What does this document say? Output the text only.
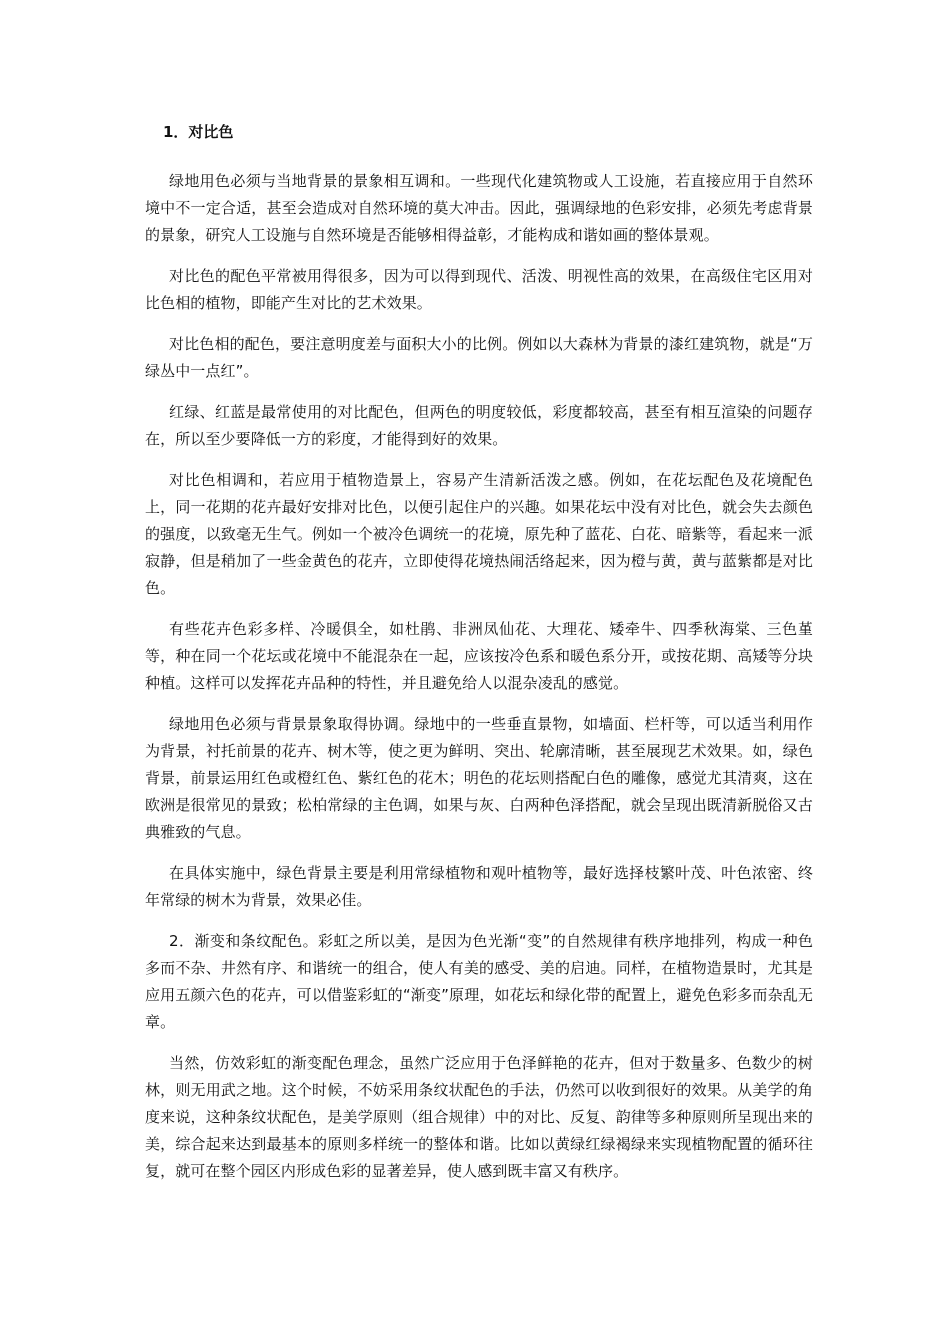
1．对比色

绿地用色必须与当地背景的景象相互调和。一些现代化建筑物或人工设施，若直接应用于自然环境中不一定合适，甚至会造成对自然环境的莫大冲击。因此，强调绿地的色彩安排，必须先考虑背景的景象，研究人工设施与自然环境是否能够相得益彰，才能构成和谐如画的整体景观。

对比色的配色平常被用得很多，因为可以得到现代、活泼、明视性高的效果，在高级住宅区用对比色相的植物，即能产生对比的艺术效果。

对比色相的配色，要注意明度差与面积大小的比例。例如以大森林为背景的漆红建筑物，就是“万绿丛中一点红”。

红绿、红蓝是最常使用的对比配色，但两色的明度较低，彩度都较高，甚至有相互渲染的问题存在，所以至少要降低一方的彩度，才能得到好的效果。

对比色相调和，若应用于植物造景上，容易产生清新活泼之感。例如，在花坛配色及花境配色上，同一花期的花卉最好安排对比色，以便引起住户的兴趣。如果花坛中没有对比色，就会失去颜色的强度，以致毫无生气。例如一个被冷色调统一的花境，原先种了蓝花、白花、暗紫等，看起来一派寂静，但是稍加了一些金黄色的花卉，立即使得花境热闹活络起来，因为橙与黄，黄与蓝紫都是对比色。

有些花卉色彩多样、冷暖俱全，如杜鹃、非洲凤仙花、大理花、矮牵牛、四季秋海棠、三色堇等，种在同一个花坛或花境中不能混杂在一起，应该按冷色系和暖色系分开，或按花期、高矮等分块种植。这样可以发挥花卉品种的特性，并且避免给人以混杂凌乱的感觉。

绿地用色必须与背景景象取得协调。绿地中的一些垂直景物，如墙面、栏杆等，可以适当利用作为背景，衬托前景的花卉、树木等，使之更为鲜明、突出、轮廓清晰，甚至展现艺术效果。如，绿色背景，前景运用红色或橙红色、紫红色的花木；明色的花坛则搭配白色的雕像，感觉尤其清爽，这在欧洲是很常见的景致；松柏常绿的主色调，如果与灰、白两种色泽搭配，就会呈现出既清新脱俗又古典雅致的气息。

在具体实施中，绿色背景主要是利用常绿植物和观叶植物等，最好选择枝繁叶茂、叶色浓密、终年常绿的树木为背景，效果必佳。

2．渐变和条纹配色。彩虹之所以美，是因为色光渐“变”的自然规律有秩序地排列，构成一种色多而不杂、井然有序、和谐统一的组合，使人有美的感受、美的启迪。同样，在植物造景时，尤其是应用五颜六色的花卉，可以借鉴彩虹的“渐变”原理，如花坛和绿化带的配置上，避免色彩多而杂乱无章。

当然，仿效彩虹的渐变配色理念，虽然广泛应用于色泽鲜艳的花卉，但对于数量多、色数少的树林，则无用武之地。这个时候，不妨采用条纹状配色的手法，仍然可以收到很好的效果。从美学的角度来说，这种条纹状配色，是美学原则（组合规律）中的对比、反复、韵律等多种原则所呈现出来的美，综合起来达到最基本的原则多样统一的整体和谐。比如以黄绿红绿褐绿来实现植物配置的循环往复，就可在整个园区内形成色彩的显著差异，使人感到既丰富又有秩序。
